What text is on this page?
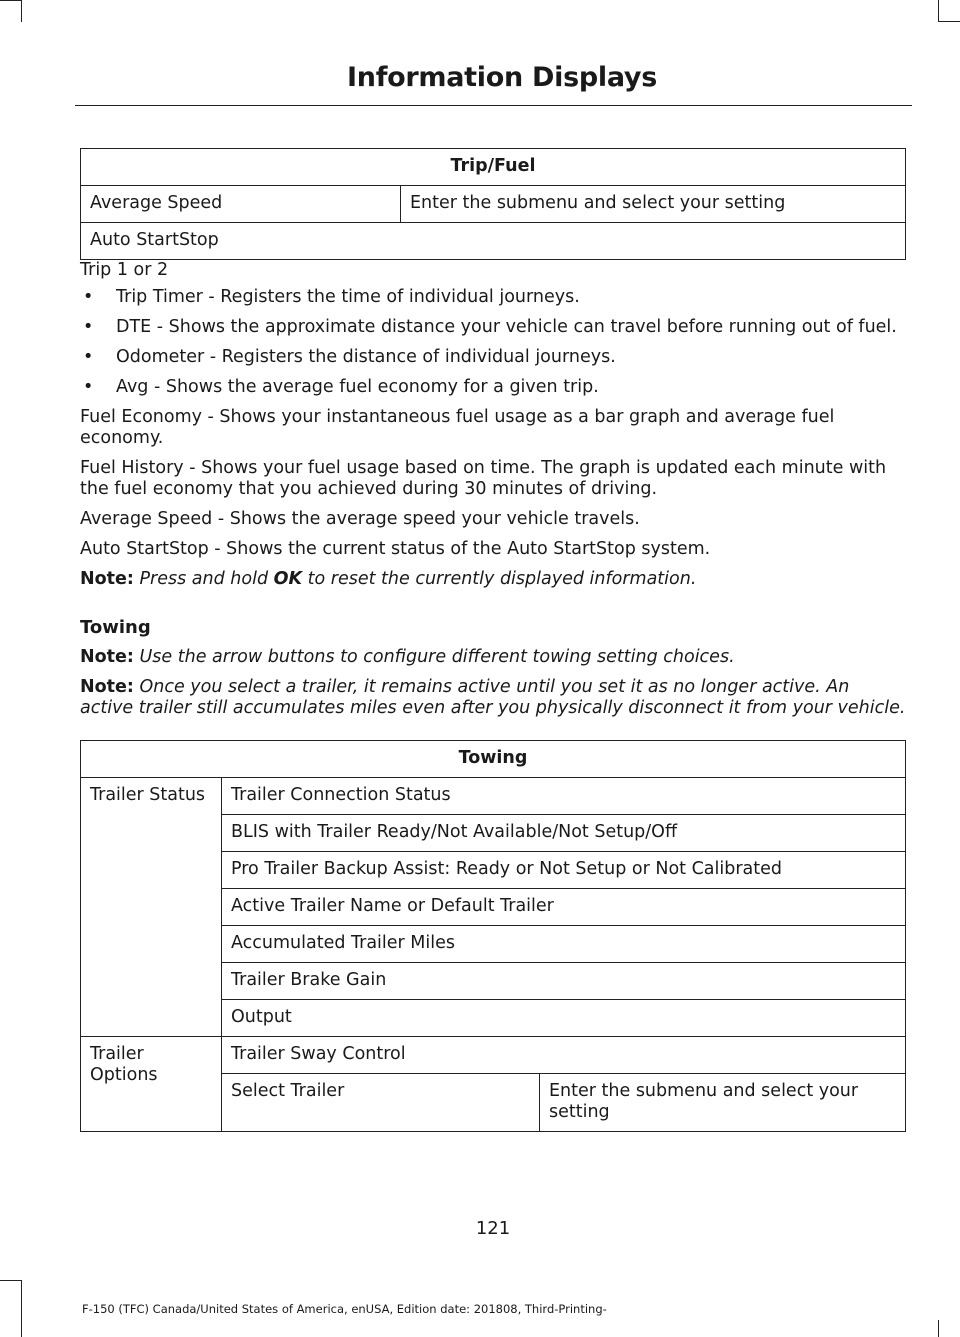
Information Displays
Trip/Fuel
Average Speed	Enter the submenu and select your setting
Auto StartStop

Trip 1 or 2

• Trip Timer - Registers the time of individual journeys.
• DTE - Shows the approximate distance your vehicle can travel before running out of fuel.
• Odometer - Registers the distance of individual journeys.
• Avg - Shows the average fuel economy for a given trip.

Fuel Economy - Shows your instantaneous fuel usage as a bar graph and average fuel economy.

Fuel History - Shows your fuel usage based on time. The graph is updated each minute with the fuel economy that you achieved during 30 minutes of driving.

Average Speed - Shows the average speed your vehicle travels.

Auto StartStop - Shows the current status of the Auto StartStop system.

Note: Press and hold OK to reset the currently displayed information.

Towing

Note: Use the arrow buttons to configure different towing setting choices.

Note: Once you select a trailer, it remains active until you set it as no longer active. An active trailer still accumulates miles even after you physically disconnect it from your vehicle.

Towing		
Trailer Status	Trailer Connection Status	
	BLIS with Trailer Ready/Not Available/Not Setup/Off	
	Pro Trailer Backup Assist: Ready or Not Setup or Not Calibrated	
	Active Trailer Name or Default Trailer	
	Accumulated Trailer Miles	
	Trailer Brake Gain	
	Output	
Trailer Options	Trailer Sway Control	
	Select Trailer	Enter the submenu and select your setting
121
F-150 (TFC) Canada/United States of America, enUSA, Edition date: 201808, Third-Printing-
